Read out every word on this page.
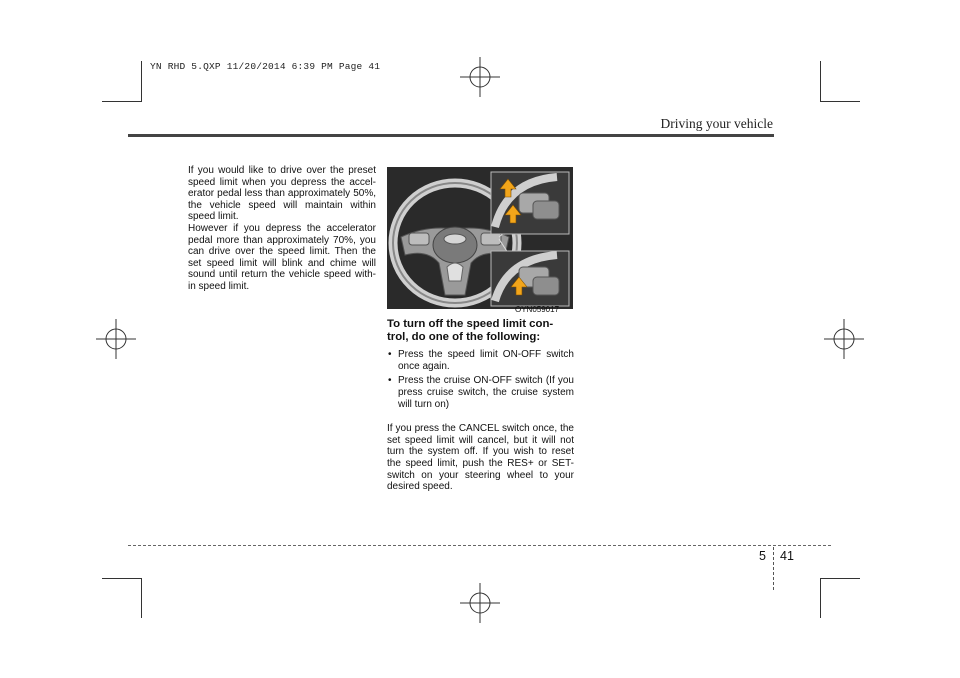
YN RHD 5.QXP 11/20/2014 6:39 PM Page 41
Driving your vehicle

If you would like to drive over the preset speed limit when you depress the accel- erator pedal less than approximately 50%, the vehicle speed will maintain within speed limit.

However if you depress the accelerator pedal more than approximately 70%, you can drive over the speed limit. Then the set speed limit will blink and chime will sound until return the vehicle speed with- in speed limit.

OYN059017
To turn off the speed limit con- trol, do one of the following:
• Press the speed limit ON-OFF switch once again.
• Press the cruise ON-OFF switch (If you press cruise switch, the cruise system will turn on)

If you press the CANCEL switch once, the set speed limit will cancel, but it will not turn the system off. If you wish to reset the speed limit, push the RES+ or SET- switch on your steering wheel to your desired speed.

5 41
